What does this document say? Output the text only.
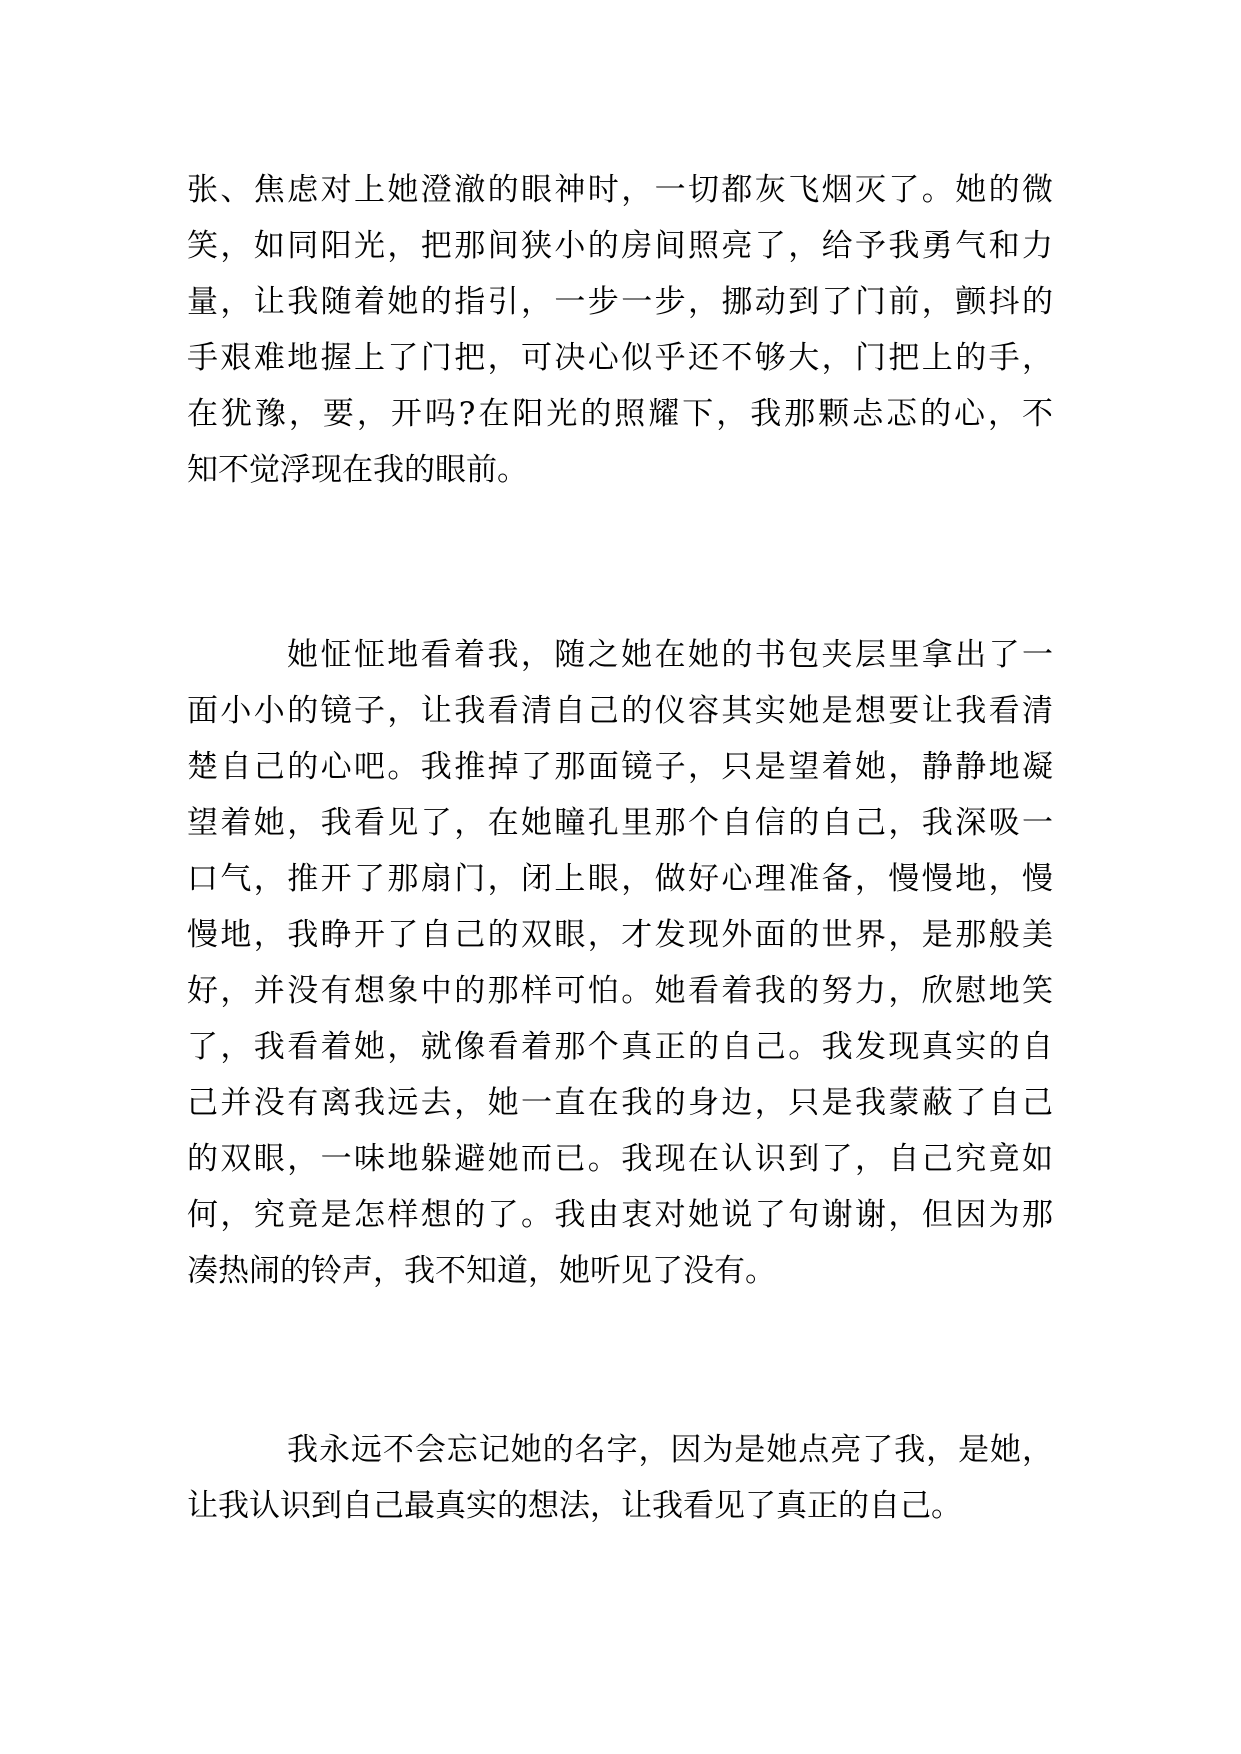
张、焦虑对上她澄澈的眼神时，一切都灰飞烟灭了。她的微
笑，如同阳光，把那间狭小的房间照亮了，给予我勇气和力
量，让我随着她的指引，一步一步，挪动到了门前，颤抖的
手艰难地握上了门把，可决心似乎还不够大，门把上的手，
在犹豫，要，开吗?在阳光的照耀下，我那颗忐忑的心，不
知不觉浮现在我的眼前。
她怔怔地看着我，随之她在她的书包夹层里拿出了一
面小小的镜子，让我看清自己的仪容其实她是想要让我看清
楚自己的心吧。我推掉了那面镜子，只是望着她，静静地凝
望着她，我看见了，在她瞳孔里那个自信的自己，我深吸一
口气，推开了那扇门，闭上眼，做好心理准备，慢慢地，慢
慢地，我睁开了自己的双眼，才发现外面的世界，是那般美
好，并没有想象中的那样可怕。她看着我的努力，欣慰地笑
了，我看着她，就像看着那个真正的自己。我发现真实的自
己并没有离我远去，她一直在我的身边，只是我蒙蔽了自己
的双眼，一味地躲避她而已。我现在认识到了，自己究竟如
何，究竟是怎样想的了。我由衷对她说了句谢谢，但因为那
凑热闹的铃声，我不知道，她听见了没有。
我永远不会忘记她的名字，因为是她点亮了我，是她，
让我认识到自己最真实的想法，让我看见了真正的自己。
